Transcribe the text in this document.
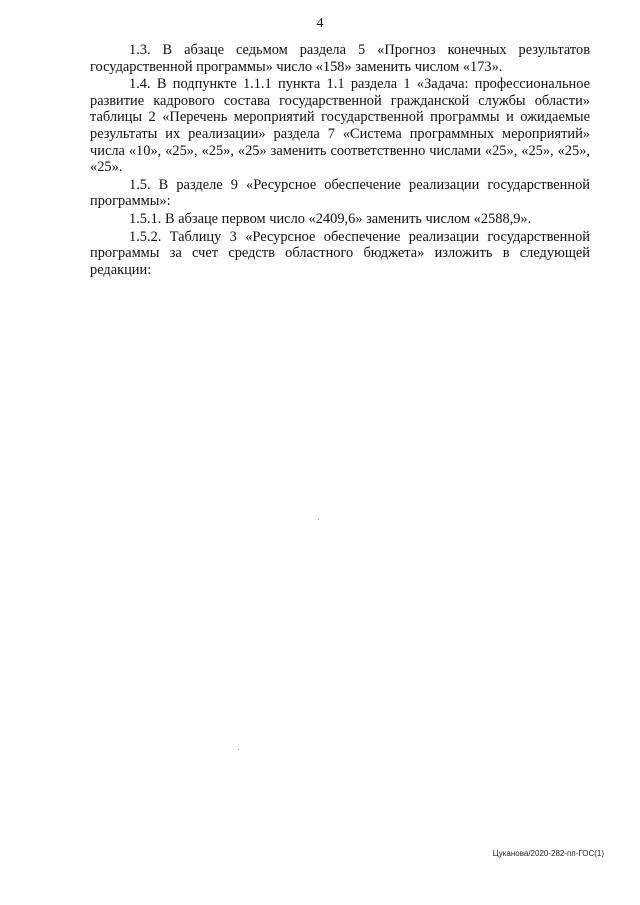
4

1.3. В абзаце седьмом раздела 5 «Прогноз конечных результатов государственной программы» число «158» заменить числом «173».

1.4. В подпункте 1.1.1 пункта 1.1 раздела 1 «Задача: профессиональное развитие кадрового состава государственной гражданской службы области» таблицы 2 «Перечень мероприятий государственной программы и ожидаемые результаты их реализации» раздела 7 «Система программных мероприятий» числа «10», «25», «25», «25» заменить соответственно числами «25», «25», «25», «25».

1.5. В разделе 9 «Ресурсное обеспечение реализации государственной программы»:

1.5.1. В абзаце первом число «2409,6» заменить числом «2588,9».

1.5.2. Таблицу 3 «Ресурсное обеспечение реализации государственной программы за счет средств областного бюджета» изложить в следующей редакции:

Цуканова/2020-282-пп-ГОС(1)
